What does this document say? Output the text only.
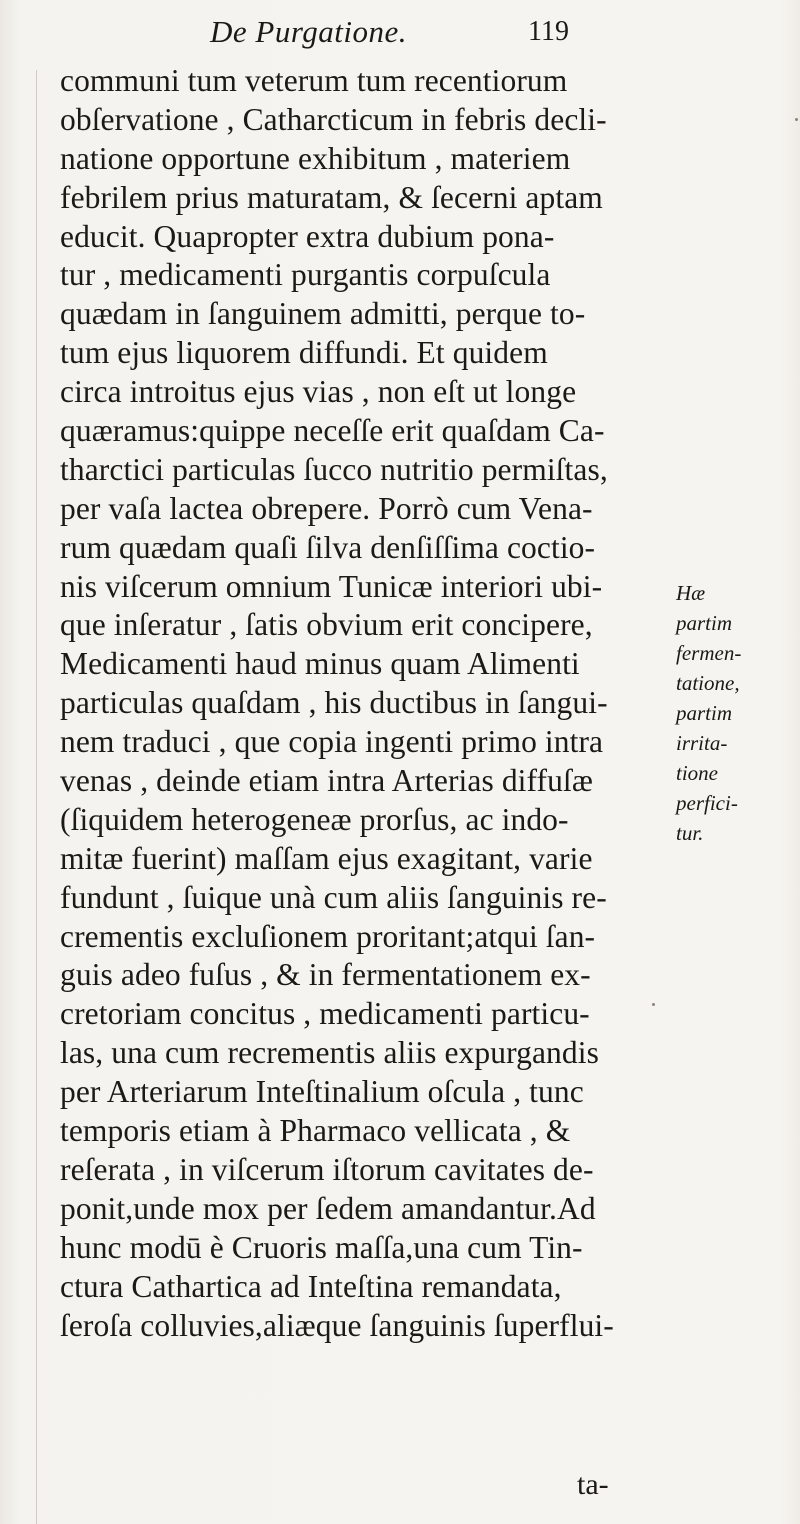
De Purgatione.	119
communi tum veterum tum recentiorum
obſervatione , Catharcticum in febris decli-
natione opportune exhibitum , materiem
febrilem prius maturatam, & ſecerni aptam
educit. Quapropter extra dubium pona-
tur , medicamenti purgantis corpuſcula
quædam in ſanguinem admitti, perque to-
tum ejus liquorem diffundi. Et quidem
circa introitus ejus vias , non eſt ut longe
quæramus:quippe neceſſe erit quaſdam Ca-
tharctici particulas ſucco nutritio permiſtas,
per vaſa lactea obrepere. Porrò cum Vena-
rum quædam quaſi ſilva denſiſſima coctio-
nis viſcerum omnium Tunicæ interiori ubi-
que inſeratur , ſatis obvium erit concipere,
Medicamenti haud minus quam Alimenti
particulas quaſdam , his ductibus in ſangui-
nem traduci , que copia ingenti primo intra
venas , deinde etiam intra Arterias diffuſæ
(ſiquidem heterogeneæ prorſus, ac indo-
mitæ fuerint) maſſam ejus exagitant, varie
fundunt , ſuique unà cum aliis ſanguinis re-
crementis excluſionem proritant;atqui ſan-
guis adeo fuſus , & in fermentationem ex-
cretoriam concitus , medicamenti particu-
las, una cum recrementis aliis expurgandis
per Arteriarum Inteſtinalium oſcula , tunc
temporis etiam à Pharmaco vellicata , &
reſerata , in viſcerum iſtorum cavitates de-
ponit,unde mox per ſedem amandantur.Ad
hunc modū è Cruoris maſſa,una cum Tin-
ctura Cathartica ad Inteſtina remandata,
ſeroſa colluvies,aliæque ſanguinis ſuperflui-
ta-
Hæ
partim
fermen-
tatione,
partim
irrita-
tione
perfici-
tur.
